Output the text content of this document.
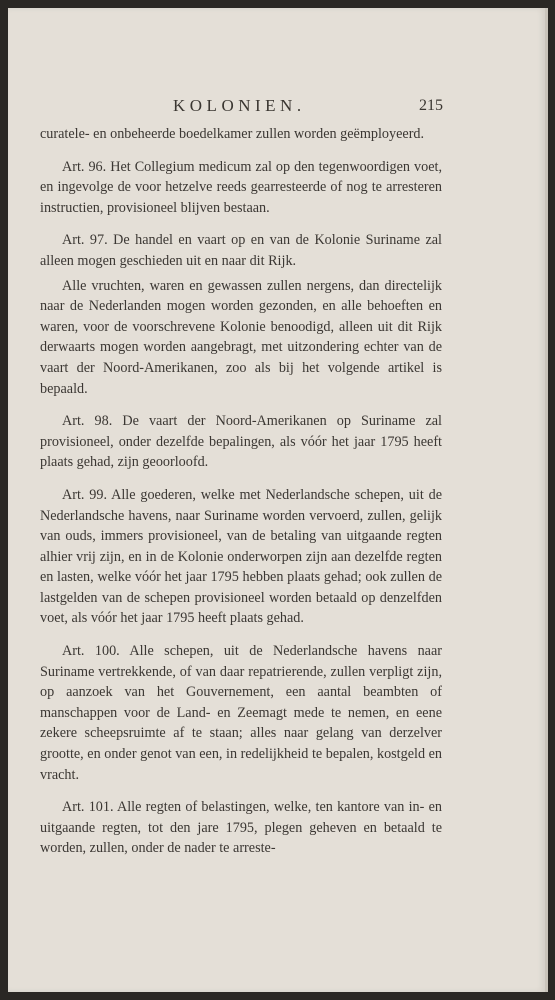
KOLONIEN.	215

curatele- en onbeheerde boedelkamer zullen worden geëmployeerd.

Art. 96. Het Collegium medicum zal op den tegenwoordigen voet, en ingevolge de voor hetzelve reeds gearresteerde of nog te arresteren instructien, provisioneel blijven bestaan.

Art. 97. De handel en vaart op en van de Kolonie Suriname zal alleen mogen geschieden uit en naar dit Rijk.

Alle vruchten, waren en gewassen zullen nergens, dan directelijk naar de Nederlanden mogen worden gezonden, en alle behoeften en waren, voor de voorschrevene Kolonie benoodigd, alleen uit dit Rijk derwaarts mogen worden aangebragt, met uitzondering echter van de vaart der Noord-Amerikanen, zoo als bij het volgende artikel is bepaald.

Art. 98. De vaart der Noord-Amerikanen op Suriname zal provisioneel, onder dezelfde bepalingen, als vóór het jaar 1795 heeft plaats gehad, zijn geoorloofd.

Art. 99. Alle goederen, welke met Nederlandsche schepen, uit de Nederlandsche havens, naar Suriname worden vervoerd, zullen, gelijk van ouds, immers provisioneel, van de betaling van uitgaande regten alhier vrij zijn, en in de Kolonie onderworpen zijn aan dezelfde regten en lasten, welke vóór het jaar 1795 hebben plaats gehad; ook zullen de lastgelden van de schepen provisioneel worden betaald op denzelfden voet, als vóór het jaar 1795 heeft plaats gehad.

Art. 100. Alle schepen, uit de Nederlandsche havens naar Suriname vertrekkende, of van daar repatrierende, zullen verpligt zijn, op aanzoek van het Gouvernement, een aantal beambten of manschappen voor de Land- en Zeemagt mede te nemen, en eene zekere scheepsruimte af te staan; alles naar gelang van derzelver grootte, en onder genot van een, in redelijkheid te bepalen, kostgeld en vracht.

Art. 101. Alle regten of belastingen, welke, ten kantore van in- en uitgaande regten, tot den jare 1795, plegen geheven en betaald te worden, zullen, onder de nader te arreste-
